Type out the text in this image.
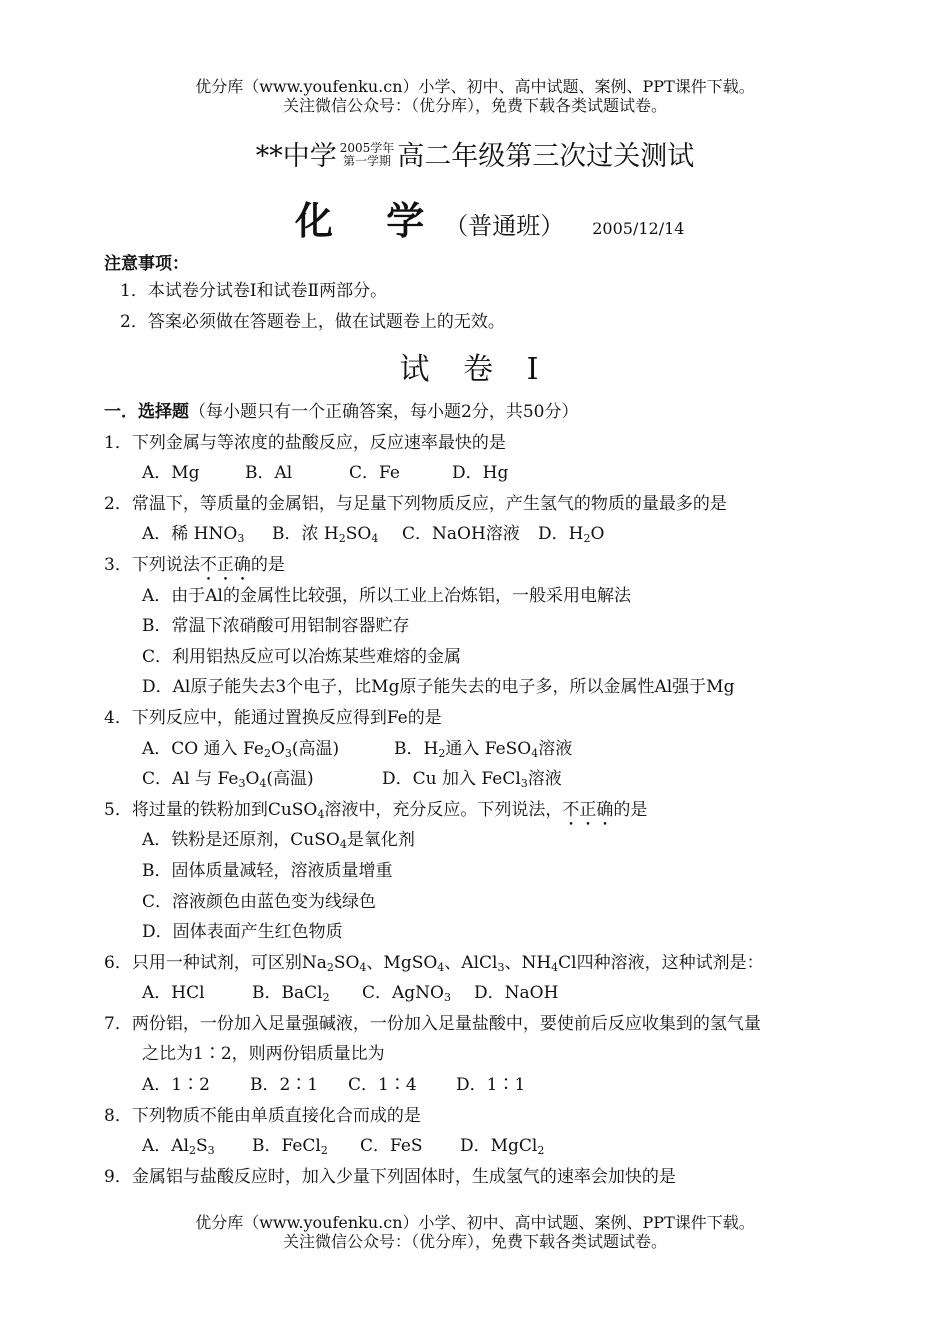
优分库（www.youfenku.cn）小学、初中、高中试题、案例、PPT课件下载。
关注微信公众号：（优分库），免费下载各类试题试卷。
**中学 2005学年
第一学期 高二年级第三次过关测试
化 学（普通班） 2005/12/14
注意事项：
1．本试卷分试卷Ⅰ和试卷Ⅱ两部分。
2．答案必须做在答题卷上，做在试题卷上的无效。
试 卷 I
一．选择题（每小题只有一个正确答案，每小题2分，共50分）
1．下列金属与等浓度的盐酸反应，反应速率最快的是
A．Mg	B．Al	C．Fe	D．Hg
2．常温下，等质量的金属铝，与足量下列物质反应，产生氢气的物质的量最多的是
A．稀 $HNO_3$ B．浓 $H_2SO_4$ C．NaOH溶液 D．$H_2O$
3．下列说法不正确的是
A．由于Al的金属性比较强，所以工业上冶炼铝，一般采用电解法
B．常温下浓硝酸可用铝制容器贮存
C．利用铝热反应可以冶炼某些难熔的金属
D．Al原子能失去3个电子，比Mg原子能失去的电子多，所以金属性Al强于Mg
4．下列反应中，能通过置换反应得到Fe的是
A．CO 通入 $Fe_2O_3$(高温)	B．$H_2$通入 FeSO$_4$溶液
C．Al 与 $Fe_3O_4$(高温)	D．Cu 加入 FeCl$_3$溶液
5．将过量的铁粉加到CuSO$_4$溶液中，充分反应。下列说法，不正确的是
A．铁粉是还原剂，CuSO$_4$是氧化剂
B．固体质量减轻，溶液质量增重
C．溶液颜色由蓝色变为线绿色
D．固体表面产生红色物质
6．只用一种试剂，可区别$Na_2SO_4$、MgSO$_4$、AlCl$_3$、$NH_4Cl$四种溶液，这种试剂是：
A．HCl	B．BaCl$_2$ C．AgNO$_3$ D．NaOH
7．两份铝，一份加入足量强碱液，一份加入足量盐酸中，要使前后反应收集到的氢气量
之比为1∶2，则两份铝质量比为
A．1∶2 B．2∶1 C．1∶4 D．1∶1
8．下列物质不能由单质直接化合而成的是
A．$Al_2S_3$ B．FeCl$_2$ C．FeS D．MgCl$_2$
9．金属铝与盐酸反应时，加入少量下列固体时，生成氢气的速率会加快的是
优分库（www.youfenku.cn）小学、初中、高中试题、案例、PPT课件下载。
关注微信公众号：（优分库），免费下载各类试题试卷。
